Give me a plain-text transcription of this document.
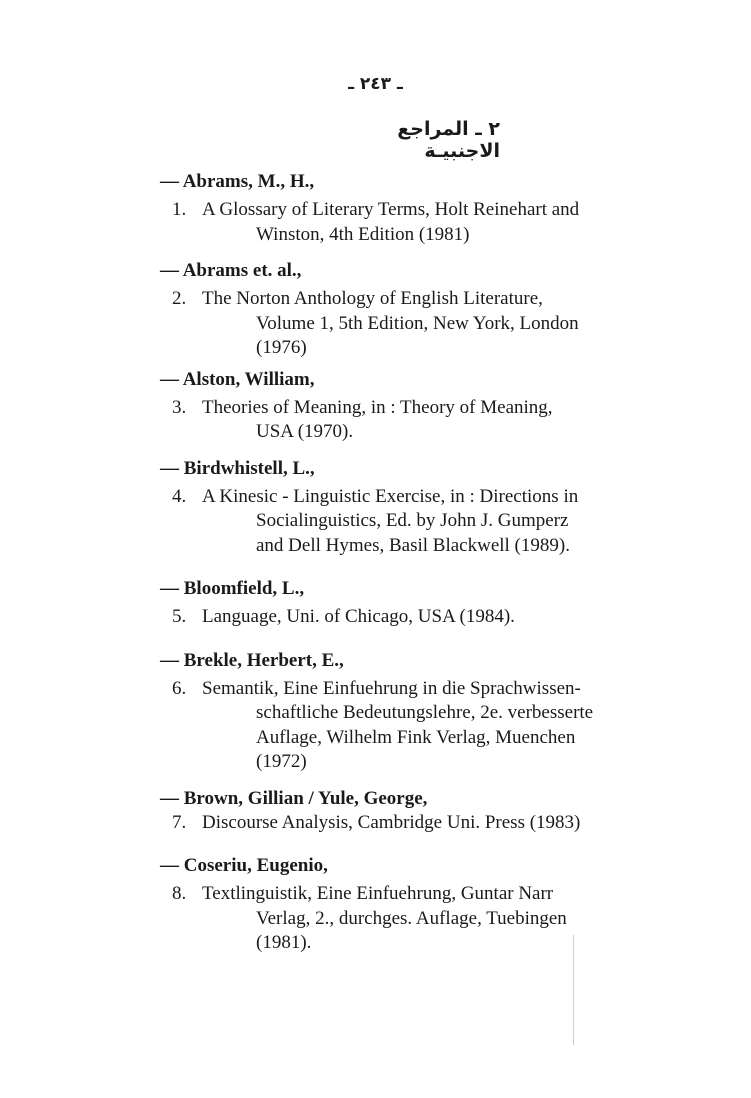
ـ ٢٤٣ ـ
٢ ـ المراجع الاجنبيـة
— Abrams, M., H.,
1. A Glossary of Literary Terms, Holt Reinehart and
Winston, 4th Edition (1981)
— Abrams et. al.,
2. The Norton Anthology of English Literature,
Volume 1, 5th Edition, New York, London
(1976)
— Alston, William,
3. Theories of Meaning, in : Theory of Meaning,
USA (1970).
— Birdwhistell, L.,
4. A Kinesic - Linguistic Exercise, in : Directions in
Socialinguistics, Ed. by John J. Gumperz
and Dell Hymes, Basil Blackwell (1989).
— Bloomfield, L.,
5. Language, Uni. of Chicago, USA (1984).
— Brekle, Herbert, E.,
6. Semantik, Eine Einfuehrung in die Sprachwissen-
schaftliche Bedeutungslehre, 2e. verbesserte
Auflage, Wilhelm Fink Verlag, Muenchen
(1972)
— Brown, Gillian / Yule, George,
7. Discourse Analysis, Cambridge Uni. Press (1983)
— Coseriu, Eugenio,
8. Textlinguistik, Eine Einfuehrung, Guntar Narr
Verlag, 2., durchges. Auflage, Tuebingen
(1981).
